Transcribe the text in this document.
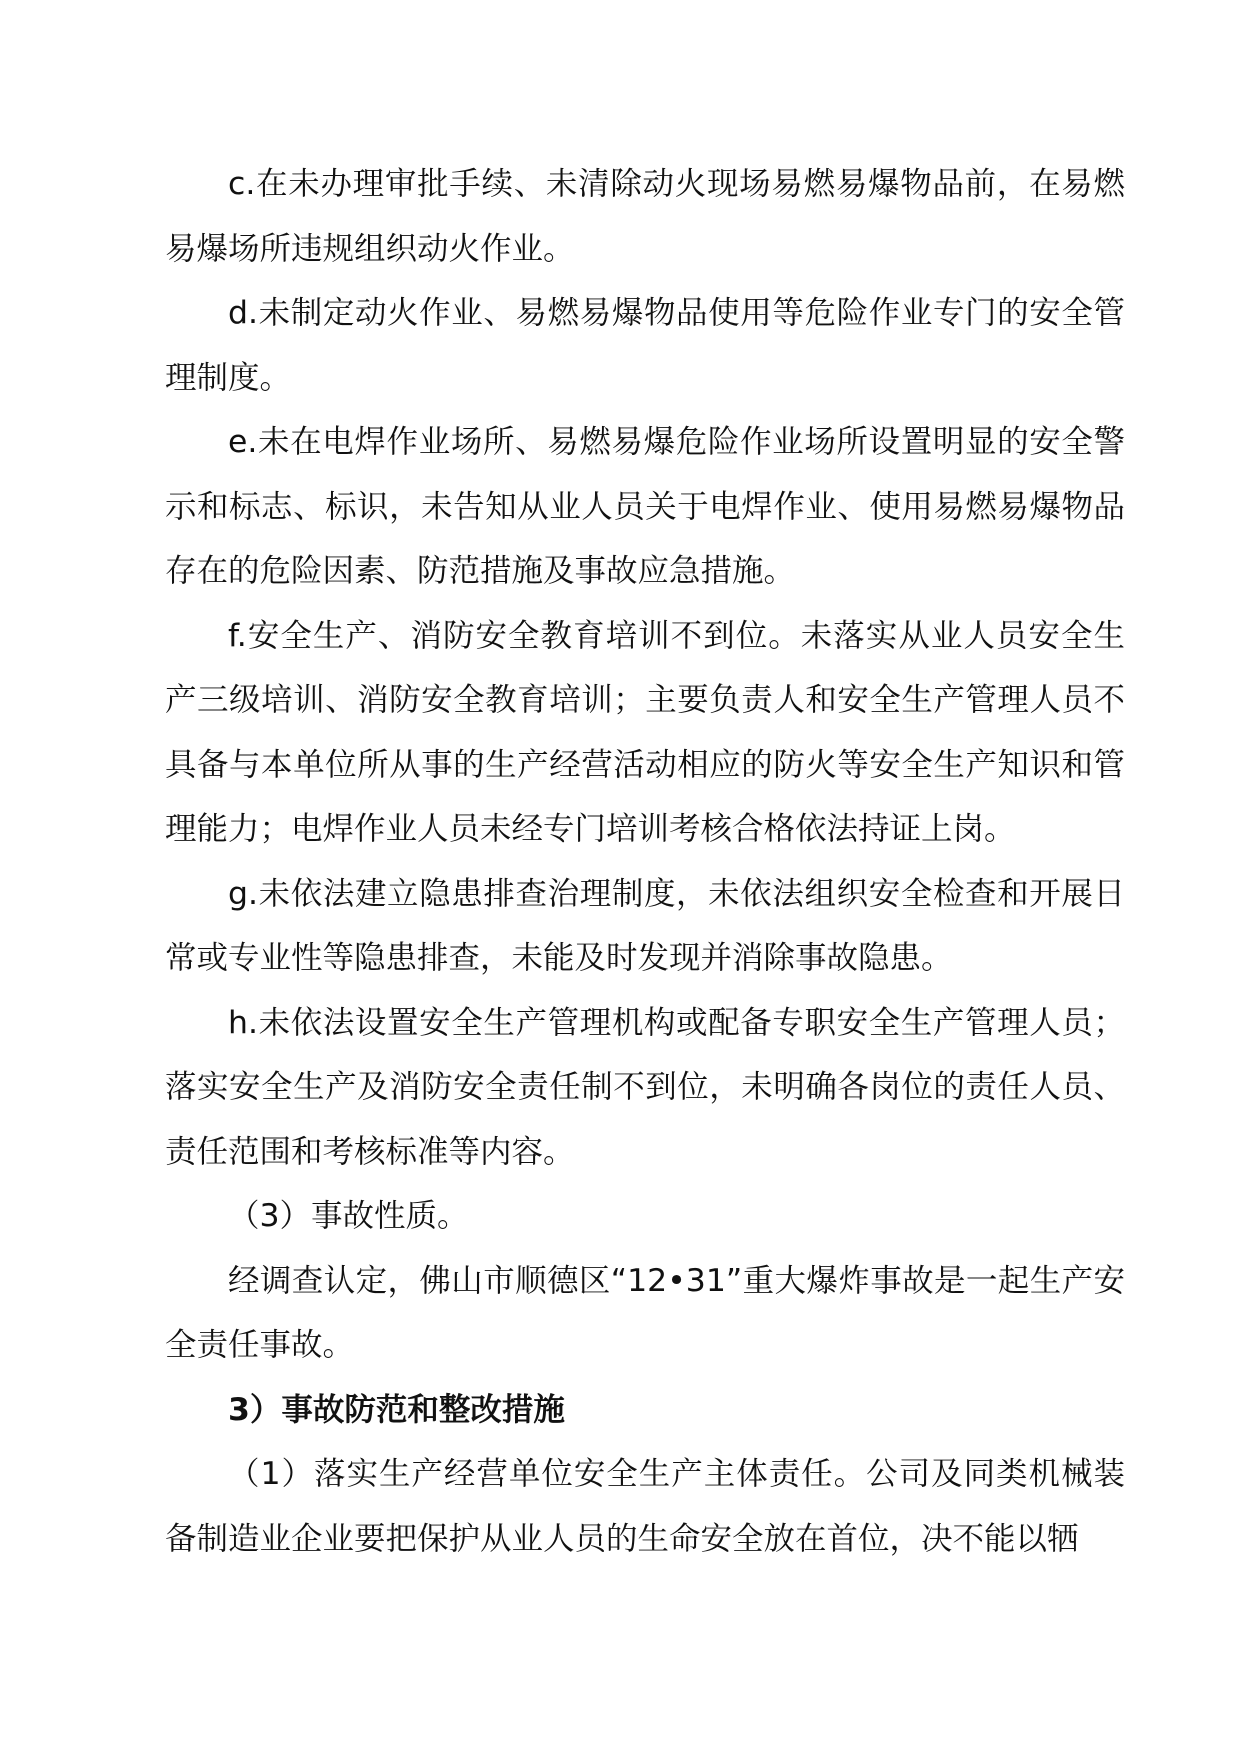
c.在未办理审批手续、未清除动火现场易燃易爆物品前，在易燃易爆场所违规组织动火作业。

d.未制定动火作业、易燃易爆物品使用等危险作业专门的安全管理制度。

e.未在电焊作业场所、易燃易爆危险作业场所设置明显的安全警示和标志、标识，未告知从业人员关于电焊作业、使用易燃易爆物品存在的危险因素、防范措施及事故应急措施。

f.安全生产、消防安全教育培训不到位。未落实从业人员安全生产三级培训、消防安全教育培训；主要负责人和安全生产管理人员不具备与本单位所从事的生产经营活动相应的防火等安全生产知识和管理能力；电焊作业人员未经专门培训考核合格依法持证上岗。

g.未依法建立隐患排查治理制度，未依法组织安全检查和开展日常或专业性等隐患排查，未能及时发现并消除事故隐患。

h.未依法设置安全生产管理机构或配备专职安全生产管理人员；落实安全生产及消防安全责任制不到位，未明确各岗位的责任人员、责任范围和考核标准等内容。

（3）事故性质。

经调查认定，佛山市顺德区“12•31”重大爆炸事故是一起生产安全责任事故。

3）事故防范和整改措施

（1）落实生产经营单位安全生产主体责任。公司及同类机械装备制造业企业要把保护从业人员的生命安全放在首位，决不能以牺
